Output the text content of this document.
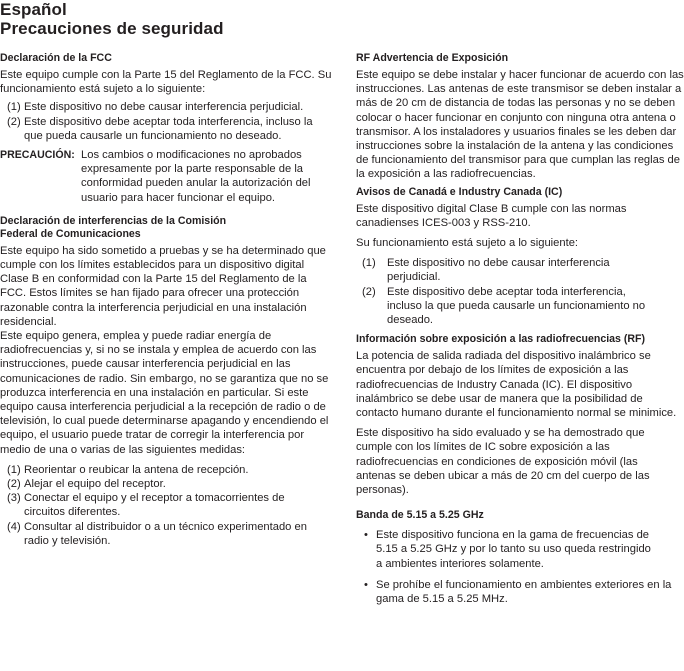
Español
Precauciones de seguridad
Declaración de la FCC

Este equipo cumple con la Parte 15 del Reglamento de la FCC. Su funcionamiento está sujeto a lo siguiente:

(1) Este dispositivo no debe causar interferencia perjudicial.
(2) Este dispositivo debe aceptar toda interferencia, incluso la que pueda causarle un funcionamiento no deseado.
PRECAUCIÓN: Los cambios o modificaciones no aprobados expresamente por la parte responsable de la conformidad pueden anular la autorización del usuario para hacer funcionar el equipo.
Declaración de interferencias de la Comisión Federal de Comunicaciones

Este equipo ha sido sometido a pruebas y se ha determinado que cumple con los límites establecidos para un dispositivo digital Clase B en conformidad con la Parte 15 del Reglamento de la FCC. Estos límites se han fijado para ofrecer una protección razonable contra la interferencia perjudicial en una instalación residencial.

Este equipo genera, emplea y puede radiar energía de radiofrecuencias y, si no se instala y emplea de acuerdo con las instrucciones, puede causar interferencia perjudicial en las comunicaciones de radio. Sin embargo, no se garantiza que no se produzca interferencia en una instalación en particular. Si este equipo causa interferencia perjudicial a la recepción de radio o de televisión, lo cual puede determinarse apagando y encendiendo el equipo, el usuario puede tratar de corregir la interferencia por medio de una o varias de las siguientes medidas:

(1) Reorientar o reubicar la antena de recepción.
(2) Alejar el equipo del receptor.
(3) Conectar el equipo y el receptor a tomacorrientes de circuitos diferentes.
(4) Consultar al distribuidor o a un técnico experimentado en radio y televisión.
RF Advertencia de Exposición

Este equipo se debe instalar y hacer funcionar de acuerdo con las instrucciones. Las antenas de este transmisor se deben instalar a más de 20 cm de distancia de todas las personas y no se deben colocar o hacer funcionar en conjunto con ninguna otra antena o transmisor. A los instaladores y usuarios finales se les deben dar instrucciones sobre la instalación de la antena y las condiciones de funcionamiento del transmisor para que cumplan las reglas de la exposición a las radiofrecuencias.

Avisos de Canadá e Industry Canada (IC)

Este dispositivo digital Clase B cumple con las normas canadienses ICES-003 y RSS-210.

Su funcionamiento está sujeto a lo siguiente:

(1)	Este dispositivo no debe causar interferencia perjudicial.
(2)	Este dispositivo debe aceptar toda interferencia, incluso la que pueda causarle un funcionamiento no deseado.
Información sobre exposición a las radiofrecuencias (RF)

La potencia de salida radiada del dispositivo inalámbrico se encuentra por debajo de los límites de exposición a las radiofrecuencias de Industry Canada (IC). El dispositivo inalámbrico se debe usar de manera que la posibilidad de contacto humano durante el funcionamiento normal se minimice.

Este dispositivo ha sido evaluado y se ha demostrado que cumple con los límites de IC sobre exposición a las radiofrecuencias en condiciones de exposición móvil (las antenas se deben ubicar a más de 20 cm del cuerpo de las personas).

Banda de 5.15 a 5.25 GHz
• Este dispositivo funciona en la gama de frecuencias de 5.15 a 5.25 GHz y por lo tanto su uso queda restringido a ambientes interiores solamente.
• Se prohíbe el funcionamiento en ambientes exteriores en la gama de 5.15 a 5.25 MHz.
